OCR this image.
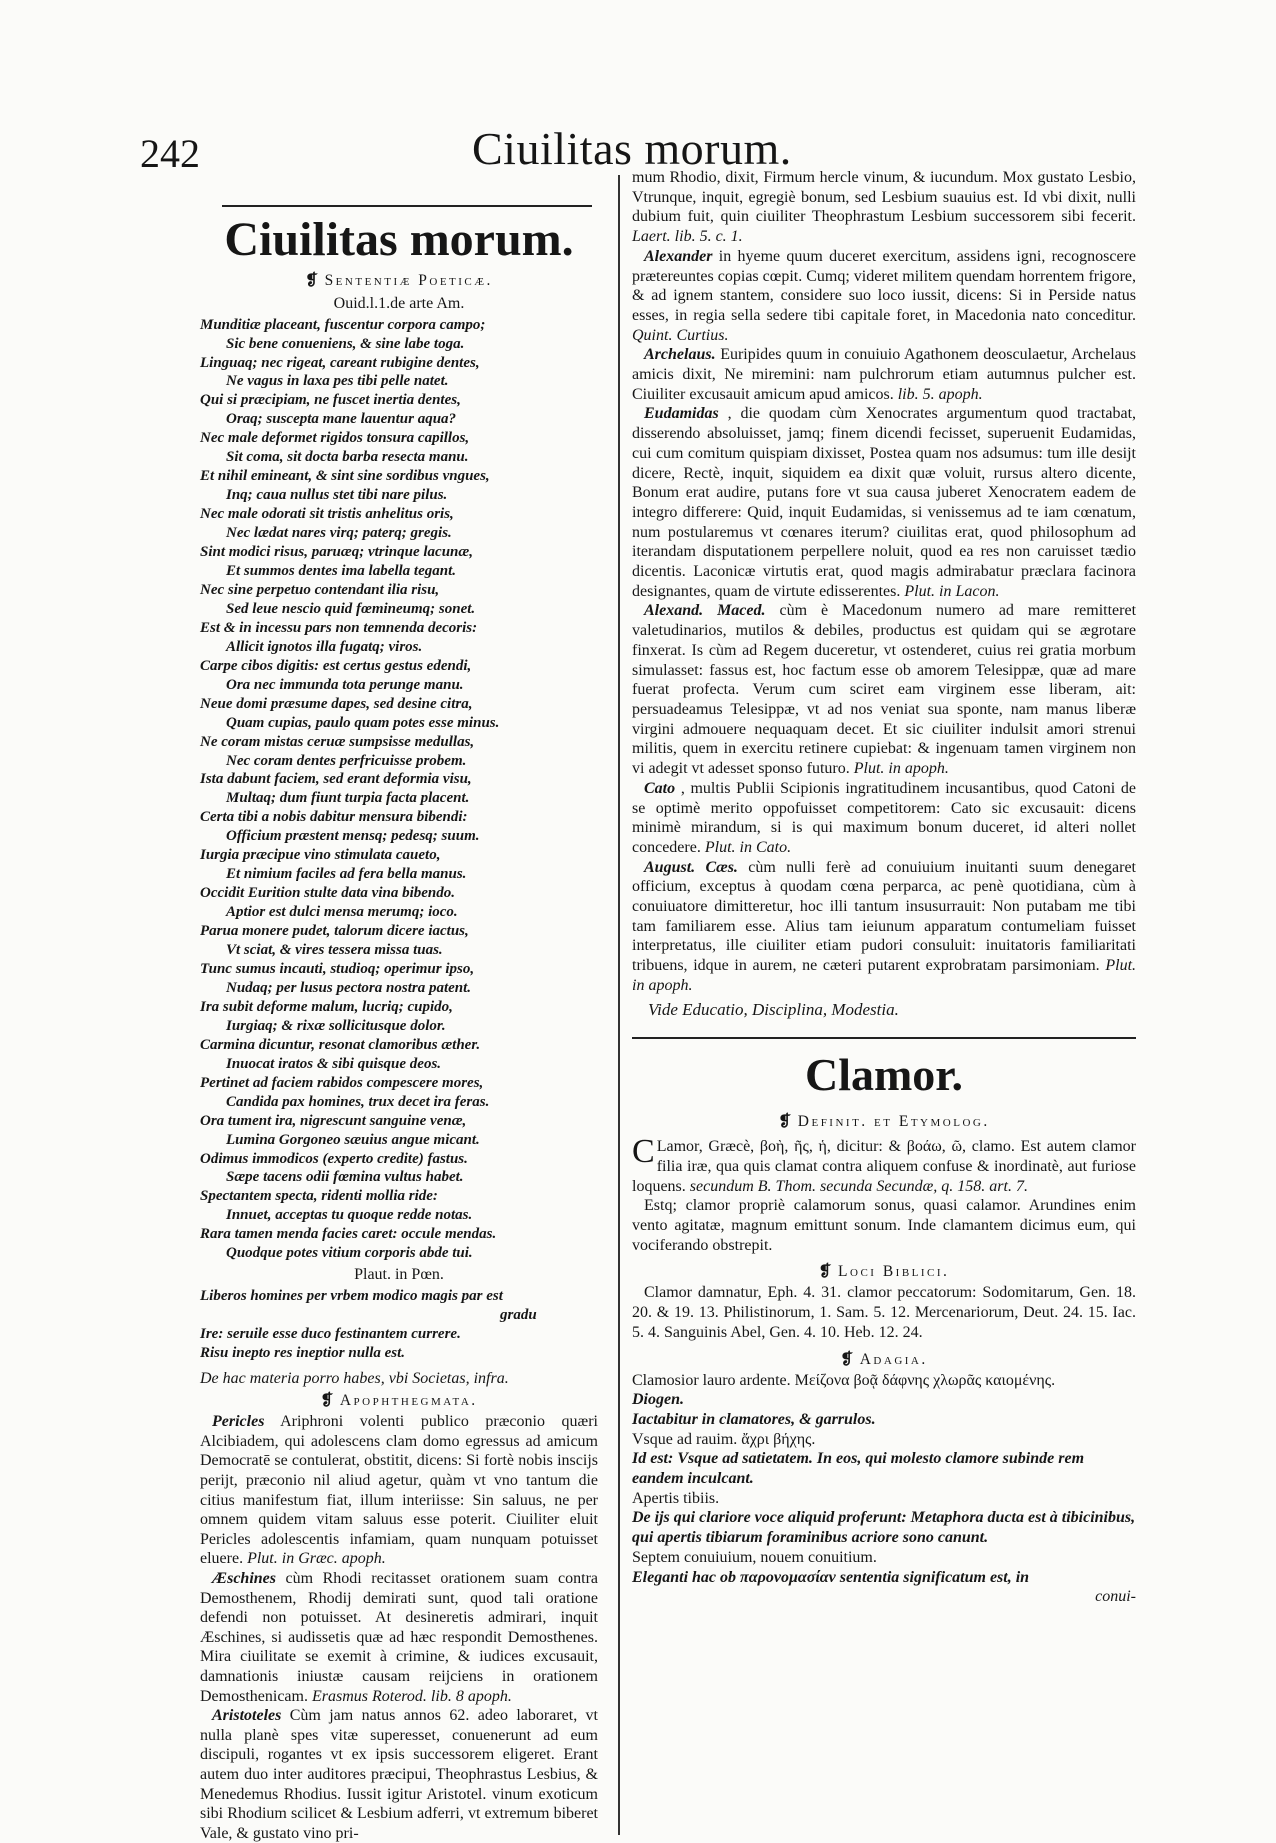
242	Ciuilitas morum.
Ciuilitas morum.
❡ Sententiæ Poeticæ.
Ouid.l.1.de arte Am.
Munditiæ placeant, fuscentur corpora campo;
Sic bene conueniens, & sine labe toga.
Linguaq; nec rigeat, careant rubigine dentes,
Ne vagus in laxa pes tibi pelle natet.
Qui si præcipiam, ne fuscet inertia dentes,
Oraq; suscepta mane lauentur aqua?
Nec male deformet rigidos tonsura capillos,
Sit coma, sit docta barba resecta manu.
Et nihil emineant, & sint sine sordibus vngues,
Inq; caua nullus stet tibi nare pilus.
Nec male odorati sit tristis anhelitus oris,
Nec lædat nares virq; paterq; gregis.
Sint modici risus, paruæq; vtrinque lacunæ,
Et summos dentes ima labella tegant.
Nec sine perpetuo contendant ilia risu,
Sed leue nescio quid fœmineumq; sonet.
Est & in incessu pars non temnenda decoris:
Allicit ignotos illa fugatq; viros.
Carpe cibos digitis: est certus gestus edendi,
Ora nec immunda tota perunge manu.
Neue domi præsume dapes, sed desine citra,
Quam cupias, paulo quam potes esse minus.
Ne coram mistas ceruæ sumpsisse medullas,
Nec coram dentes perfricuisse probem.
Ista dabunt faciem, sed erant deformia visu,
Multaq; dum fiunt turpia facta placent.
Certa tibi a nobis dabitur mensura bibendi:
Officium præstent mensq; pedesq; suum.
Iurgia præcipue vino stimulata caueto,
Et nimium faciles ad fera bella manus.
Occidit Eurition stulte data vina bibendo.
Aptior est dulci mensa merumq; ioco.
Parua monere pudet, talorum dicere iactus,
Vt sciat, & vires tessera missa tuas.
Tunc sumus incauti, studioq; operimur ipso,
Nudaq; per lusus pectora nostra patent.
Ira subit deforme malum, lucriq; cupido,
Iurgiaq; & rixæ sollicitusque dolor.
Carmina dicuntur, resonat clamoribus æther.
Inuocat iratos & sibi quisque deos.
Pertinet ad faciem rabidos compescere mores,
Candida pax homines, trux decet ira feras.
Ora tument ira, nigrescunt sanguine venæ,
Lumina Gorgoneo sæuius angue micant.
Odimus immodicos (experto credite) fastus.
Sæpe tacens odii fœmina vultus habet.
Spectantem specta, ridenti mollia ride:
Innuet, acceptas tu quoque redde notas.
Rara tamen menda facies caret: occule mendas.
Quodque potes vitium corporis abde tui.
Plaut. in Pœn.
Liberos homines per vrbem modico magis par est
gradu
Ire: seruile esse duco festinantem currere.
Risu inepto res ineptior nulla est.
De hac materia porro habes, vbi Societas, infra.
❡ Apophthegmata.

Pericles Ariphroni volenti publico præconio quæri Alcibiadem, qui adolescens clam domo egressus ad amicum Democratē se contulerat, obstitit, dicens: Si fortè nobis inscijs perijt, præconio nil aliud agetur, quàm vt vno tantum die citius manifestum fiat, illum interiisse: Sin saluus, ne per omnem quidem vitam saluus esse poterit. Ciuiliter eluit Pericles adolescentis infamiam, quam nunquam potuisset eluere. Plut. in Græc. apoph.

Æschines cùm Rhodi recitasset orationem suam contra Demosthenem, Rhodij demirati sunt, quod tali oratione defendi non potuisset. At desineretis admirari, inquit Æschines, si audissetis quæ ad hæc respondit Demosthenes. Mira ciuilitate se exemit à crimine, & iudices excusauit, damnationis iniustæ causam reijciens in orationem Demosthenicam. Erasmus Roterod. lib. 8 apoph.

Aristoteles Cùm jam natus annos 62. adeo laboraret, vt nulla planè spes vitæ superesset, conuenerunt ad eum discipuli, rogantes vt ex ipsis successorem eligeret. Erant autem duo inter auditores præcipui, Theophrastus Lesbius, & Menedemus Rhodius. Iussit igitur Aristotel. vinum exoticum sibi Rhodium scilicet & Lesbium adferri, vt extremum biberet Vale, & gustato vino pri-

mum Rhodio, dixit, Firmum hercle vinum, & iucundum. Mox gustato Lesbio, Vtrunque, inquit, egregiè bonum, sed Lesbium suauius est. Id vbi dixit, nulli dubium fuit, quin ciuiliter Theophrastum Lesbium successorem sibi fecerit. Laert. lib. 5. c. 1.

Alexander in hyeme quum duceret exercitum, assidens igni, recognoscere prætereuntes copias cœpit. Cumq; videret militem quendam horrentem frigore, & ad ignem stantem, considere suo loco iussit, dicens: Si in Perside natus esses, in regia sella sedere tibi capitale foret, in Macedonia nato conceditur. Quint. Curtius.

Archelaus. Euripides quum in conuiuio Agathonem deosculaetur, Archelaus amicis dixit, Ne miremini: nam pulchrorum etiam autumnus pulcher est. Ciuiliter excusauit amicum apud amicos. lib. 5. apoph.

Eudamidas , die quodam cùm Xenocrates argumentum quod tractabat, disserendo absoluisset, jamq; finem dicendi fecisset, superuenit Eudamidas, cui cum comitum quispiam dixisset, Postea quam nos adsumus: tum ille desijt dicere, Rectè, inquit, siquidem ea dixit quæ voluit, rursus altero dicente, Bonum erat audire, putans fore vt sua causa juberet Xenocratem eadem de integro differere: Quid, inquit Eudamidas, si venissemus ad te iam cœnatum, num postularemus vt cœnares iterum? ciuilitas erat, quod philosophum ad iterandam disputationem perpellere noluit, quod ea res non caruisset tædio dicentis. Laconicæ virtutis erat, quod magis admirabatur præclara facinora designantes, quam de virtute edisserentes. Plut. in Lacon.

Alexand. Maced. cùm è Macedonum numero ad mare remitteret valetudinarios, mutilos & debiles, productus est quidam qui se ægrotare finxerat. Is cùm ad Regem duceretur, vt ostenderet, cuius rei gratia morbum simulasset: fassus est, hoc factum esse ob amorem Telesippæ, quæ ad mare fuerat profecta. Verum cum sciret eam virginem esse liberam, ait: persuadeamus Telesippæ, vt ad nos veniat sua sponte, nam manus liberæ virgini admouere nequaquam decet. Et sic ciuiliter indulsit amori strenui militis, quem in exercitu retinere cupiebat: & ingenuam tamen virginem non vi adegit vt adesset sponso futuro. Plut. in apoph.

Cato , multis Publii Scipionis ingratitudinem incusantibus, quod Catoni de se optimè merito oppofuisset competitorem: Cato sic excusauit: dicens minimè mirandum, si is qui maximum bonum duceret, id alteri nollet concedere. Plut. in Cato.

August. Cæs. cùm nulli ferè ad conuiuium inuitanti suum denegaret officium, exceptus à quodam cœna perparca, ac penè quotidiana, cùm à conuiuatore dimitteretur, hoc illi tantum insusurrauit: Non putabam me tibi tam familiarem esse. Alius tam ieiunum apparatum contumeliam fuisset interpretatus, ille ciuiliter etiam pudori consuluit: inuitatoris familiaritati tribuens, idque in aurem, ne cæteri putarent exprobratam parsimoniam. Plut. in apoph.

Vide Educatio, Disciplina, Modestia.
Clamor.
❡ Definit. et Etymolog.

C Lamor, Græcè, βοὴ, ῆς, ἡ, dicitur: & βοάω, ῶ, clamo. Est autem clamor filia iræ, qua quis clamat contra aliquem confuse & inordinatè, aut furiose loquens. secundum B. Thom. secunda Secundæ, q. 158. art. 7.

Estq; clamor propriè calamorum sonus, quasi calamor. Arundines enim vento agitatæ, magnum emittunt sonum. Inde clamantem dicimus eum, qui vociferando obstrepit.

❡ Loci Biblici.

Clamor damnatur, Eph. 4. 31. clamor peccatorum: Sodomitarum, Gen. 18. 20. & 19. 13. Philistinorum, 1. Sam. 5. 12. Mercenariorum, Deut. 24. 15. Iac. 5. 4. Sanguinis Abel, Gen. 4. 10. Heb. 12. 24.

❡ Adagia.
Clamosior lauro ardente. Μείζονα βοᾷ δάφνης χλωρᾶς καιομένης.
Diogen.
Iactabitur in clamatores, & garrulos.
Vsque ad rauim. ἄχρι βήχης.
Id est: Vsque ad satietatem. In eos, qui molesto clamore subinde rem eandem inculcant.
Apertis tibiis.
De ijs qui clariore voce aliquid proferunt: Metaphora ducta est à tibicinibus, qui apertis tibiarum foraminibus acriore sono canunt.
Septem conuiuium, nouem conuitium.
Eleganti hac ob παρονομασίαν sententia significatum est, in
conui-
